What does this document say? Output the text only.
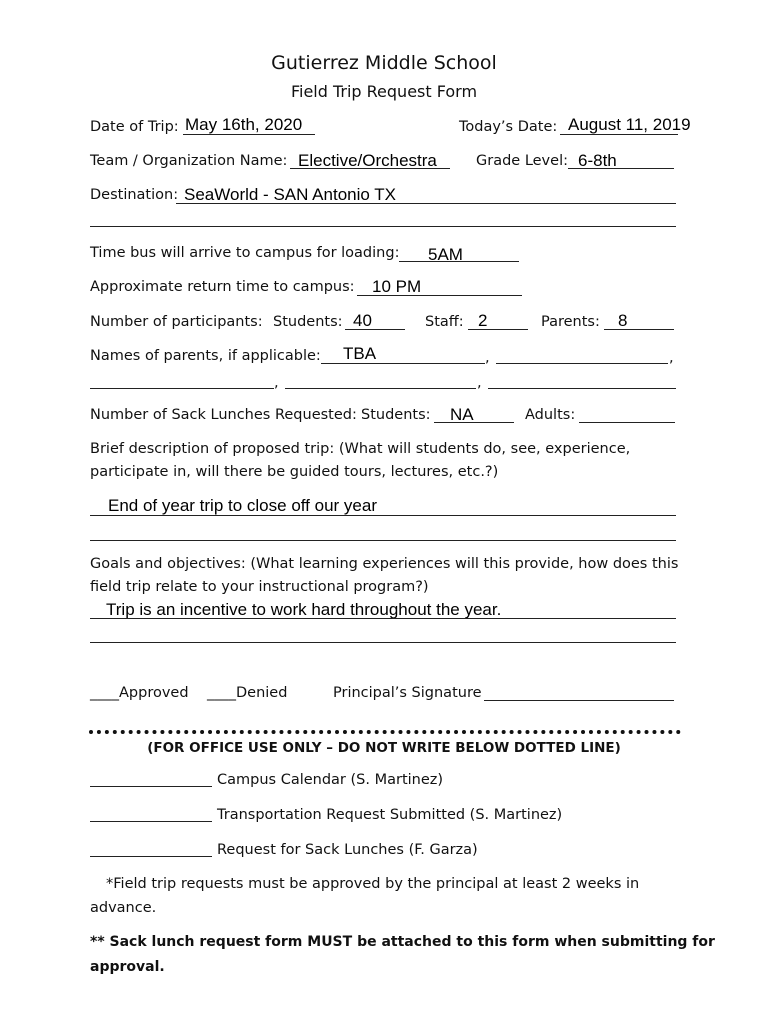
Gutierrez Middle School
Field Trip Request Form
Date of Trip: May 16th, 2020	Today’s Date: August 11, 2019
Team / Organization Name: Elective/Orchestra	Grade Level: 6-8th
Destination: SeaWorld - SAN Antonio TX
Time bus will arrive to campus for loading: 5AM
Approximate return time to campus: 10 PM
Number of participants: Students: 40	Staff: 2	Parents: 8
Names of parents, if applicable: TBA	,	,
,	,
Number of Sack Lunches Requested: Students: NA	Adults:
Brief description of proposed trip: (What will students do, see, experience,
participate in, will there be guided tours, lectures, etc.?)
End of year trip to close off our year
Goals and objectives: (What learning experiences will this provide, how does this
field trip relate to your instructional program?)
Trip is an incentive to work hard throughout the year.
____Approved ____Denied	Principal’s Signature
(FOR OFFICE USE ONLY – DO NOT WRITE BELOW DOTTED LINE)
Campus Calendar (S. Martinez)
Transportation Request Submitted (S. Martinez)
Request for Sack Lunches (F. Garza)
*Field trip requests must be approved by the principal at least 2 weeks in
advance.
** Sack lunch request form MUST be attached to this form when submitting for
approval.
